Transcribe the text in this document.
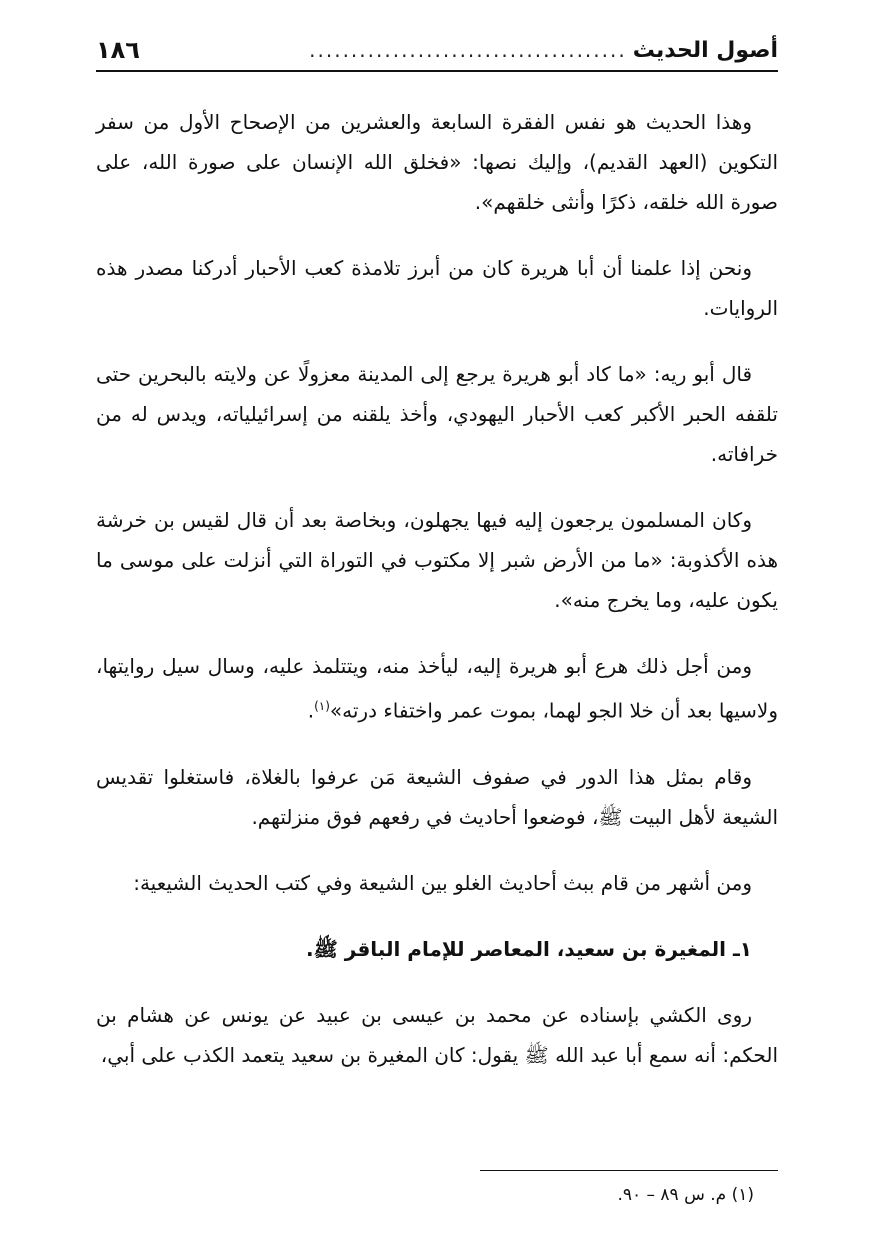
١٨٦	...................................... أصول الحديث

وهذا الحديث هو نفس الفقرة السابعة والعشرين من الإصحاح الأول من سفر التكوين (العهد القديم)، وإليك نصها: «فخلق الله الإنسان على صورة الله، على صورة الله خلقه، ذكرًا وأنثى خلقهم».

ونحن إذا علمنا أن أبا هريرة كان من أبرز تلامذة كعب الأحبار أدركنا مصدر هذه الروايات.

قال أبو ريه: «ما كاد أبو هريرة يرجع إلى المدينة معزولًا عن ولايته بالبحرين حتى تلقفه الحبر الأكبر كعب الأحبار اليهودي، وأخذ يلقنه من إسرائيلياته، ويدس له من خرافاته.

وكان المسلمون يرجعون إليه فيها يجهلون، وبخاصة بعد أن قال لقيس بن خرشة هذه الأكذوبة: «ما من الأرض شبر إلا مكتوب في التوراة التي أنزلت على موسى ما يكون عليه، وما يخرج منه».

ومن أجل ذلك هرع أبو هريرة إليه، ليأخذ منه، ويتتلمذ عليه، وسال سيل روايتها، ولاسيها بعد أن خلا الجو لهما، بموت عمر واختفاء درته»$^{(١)}$.

وقام بمثل هذا الدور في صفوف الشيعة مَن عرفوا بالغلاة، فاستغلوا تقديس الشيعة لأهل البيت ﷺ، فوضعوا أحاديث في رفعهم فوق منزلتهم.

ومن أشهر من قام ببث أحاديث الغلو بين الشيعة وفي كتب الحديث الشيعية:

١ـ المغيرة بن سعيد، المعاصر للإمام الباقر ﷺ.

روى الكشي بإسناده عن محمد بن عيسى بن عبيد عن يونس عن هشام بن الحكم: أنه سمع أبا عبد الله ﷺ يقول: كان المغيرة بن سعيد يتعمد الكذب على أبي،

(١) م. س ٨٩ – ٩٠.
